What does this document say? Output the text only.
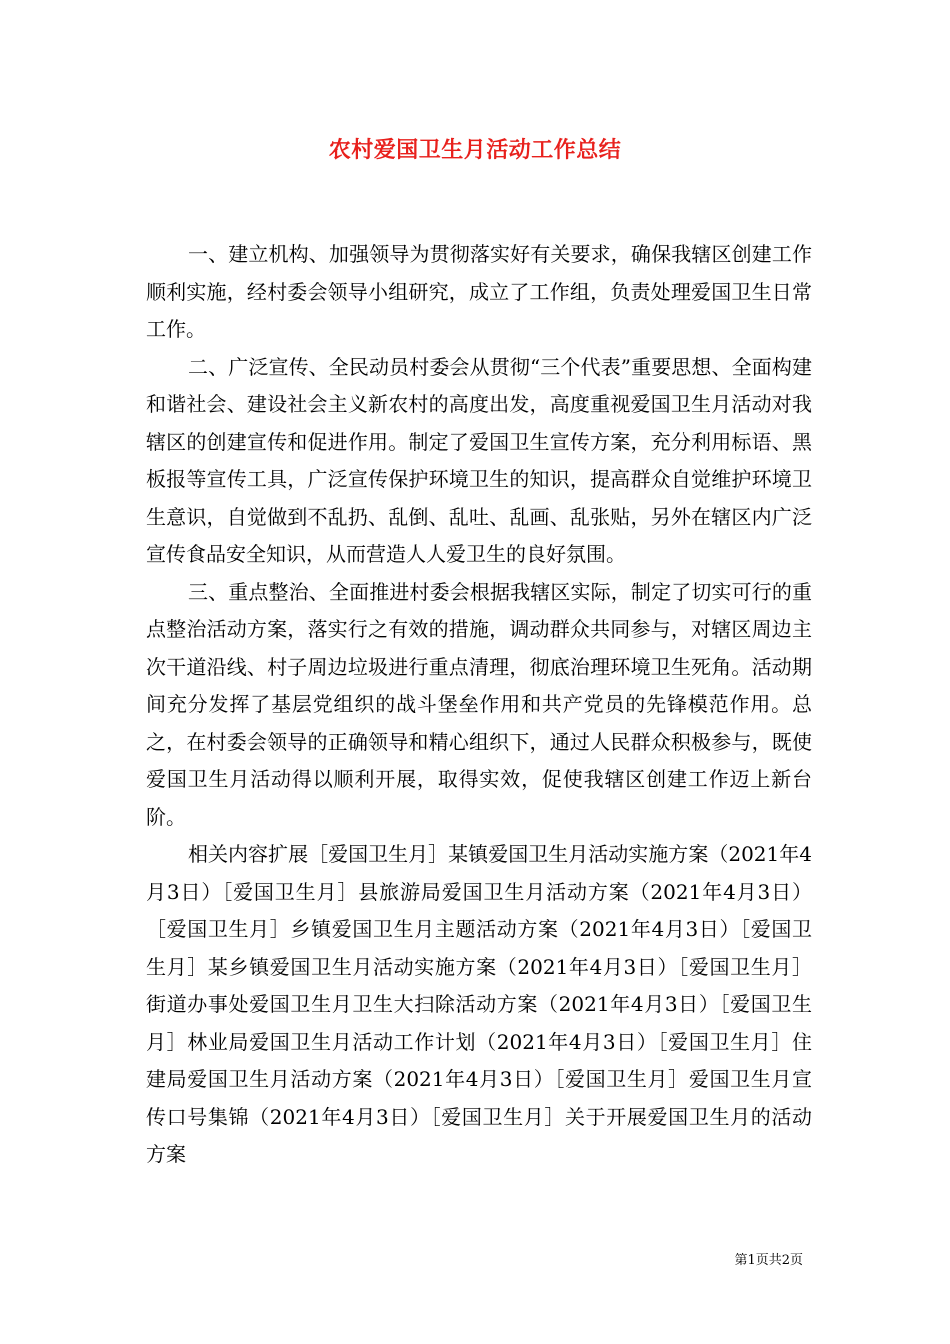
农村爱国卫生月活动工作总结

一、建立机构、加强领导为贯彻落实好有关要求，确保我辖区创建工作顺利实施，经村委会领导小组研究，成立了工作组，负责处理爱国卫生日常工作。

二、广泛宣传、全民动员村委会从贯彻“三个代表”重要思想、全面构建和谐社会、建设社会主义新农村的高度出发，高度重视爱国卫生月活动对我辖区的创建宣传和促进作用。制定了爱国卫生宣传方案，充分利用标语、黑板报等宣传工具，广泛宣传保护环境卫生的知识，提高群众自觉维护环境卫生意识，自觉做到不乱扔、乱倒、乱吐、乱画、乱张贴，另外在辖区内广泛宣传食品安全知识，从而营造人人爱卫生的良好氛围。

三、重点整治、全面推进村委会根据我辖区实际，制定了切实可行的重点整治活动方案，落实行之有效的措施，调动群众共同参与，对辖区周边主次干道沿线、村子周边垃圾进行重点清理，彻底治理环境卫生死角。活动期间充分发挥了基层党组织的战斗堡垒作用和共产党员的先锋模范作用。总之，在村委会领导的正确领导和精心组织下，通过人民群众积极参与，既使爱国卫生月活动得以顺利开展，取得实效，促使我辖区创建工作迈上新台阶。

相关内容扩展［爱国卫生月］某镇爱国卫生月活动实施方案（2021年4月3日）［爱国卫生月］县旅游局爱国卫生月活动方案（2021年4月3日）［爱国卫生月］乡镇爱国卫生月主题活动方案（2021年4月3日）［爱国卫生月］某乡镇爱国卫生月活动实施方案（2021年4月3日）［爱国卫生月］街道办事处爱国卫生月卫生大扫除活动方案（2021年4月3日）［爱国卫生月］林业局爱国卫生月活动工作计划（2021年4月3日）［爱国卫生月］住建局爱国卫生月活动方案（2021年4月3日）［爱国卫生月］爱国卫生月宣传口号集锦（2021年4月3日）［爱国卫生月］关于开展爱国卫生月的活动方案

第1页共2页
